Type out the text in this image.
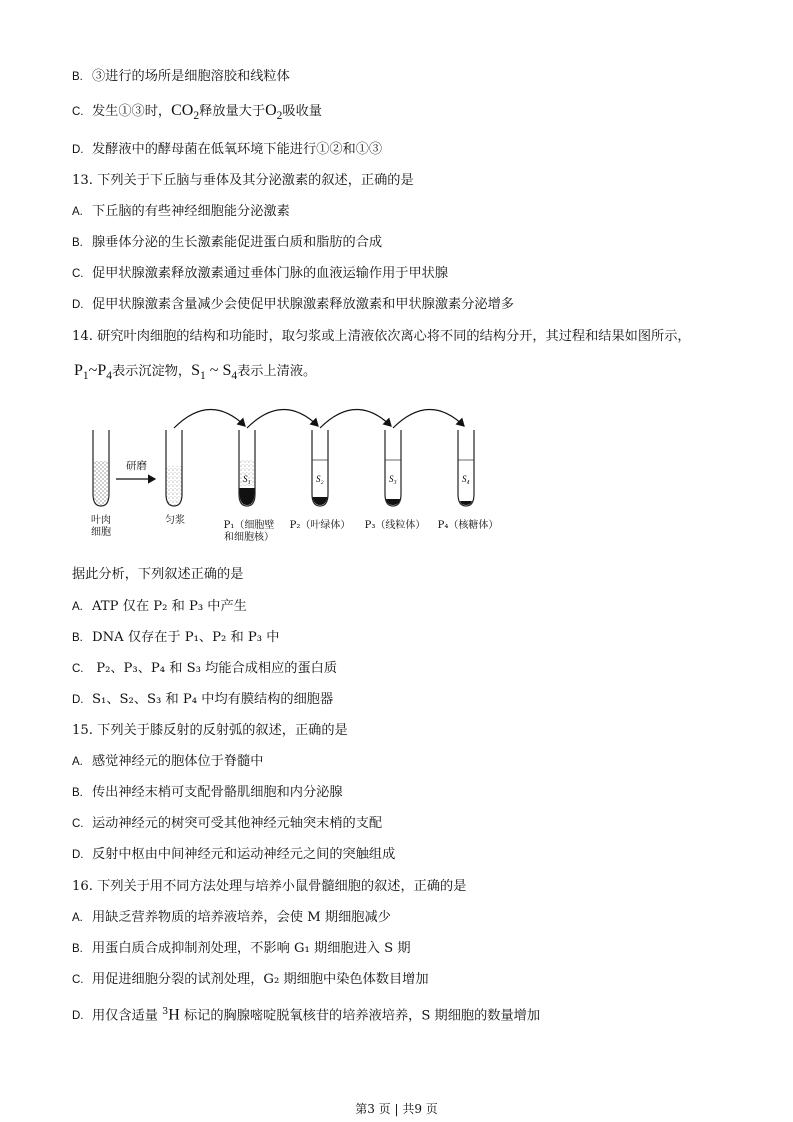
B. ③进行的场所是细胞溶胶和线粒体
C. 发生①③时，$CO_2$释放量大于$O_2$吸收量
D. 发酵液中的酵母菌在低氧环境下能进行①②和①③
13. 下列关于下丘脑与垂体及其分泌激素的叙述，正确的是
A. 下丘脑的有些神经细胞能分泌激素
B. 腺垂体分泌的生长激素能促进蛋白质和脂肪的合成
C. 促甲状腺激素释放激素通过垂体门脉的血液运输作用于甲状腺
D. 促甲状腺激素含量减少会使促甲状腺激素释放激素和甲状腺激素分泌增多
14. 研究叶肉细胞的结构和功能时，取匀浆或上清液依次离心将不同的结构分开，其过程和结果如图所示，
$P_1\sim P_4$表示沉淀物，$S_1$ ~ $S_4$表示上清液。
S₁	S₂	S₃	S₄
研磨
叶肉
细胞
匀浆	P₁（细胞壁
和细胞核）
P₂（叶绿体）	P₃（线粒体）	P₄（核糖体）
据此分析，下列叙述正确的是
A. ATP 仅在 P₂ 和 P₃ 中产生
B. DNA 仅存在于 P₁、P₂ 和 P₃ 中
C. P₂、P₃、P₄ 和 S₃ 均能合成相应的蛋白质
D. S₁、S₂、S₃ 和 P₄ 中均有膜结构的细胞器
15. 下列关于膝反射的反射弧的叙述，正确的是
A. 感觉神经元的胞体位于脊髓中
B. 传出神经末梢可支配骨骼肌细胞和内分泌腺
C. 运动神经元的树突可受其他神经元轴突末梢的支配
D. 反射中枢由中间神经元和运动神经元之间的突触组成
16. 下列关于用不同方法处理与培养小鼠骨髓细胞的叙述，正确的是
A. 用缺乏营养物质的培养液培养，会使 M 期细胞减少
B. 用蛋白质合成抑制剂处理，不影响 G₁ 期细胞进入 S 期
C. 用促进细胞分裂的试剂处理，G₂ 期细胞中染色体数目增加
D. 用仅含适量 $^3$H 标记的胸腺嘧啶脱氧核苷的培养液培养，S 期细胞的数量增加
第3 页 | 共9 页
